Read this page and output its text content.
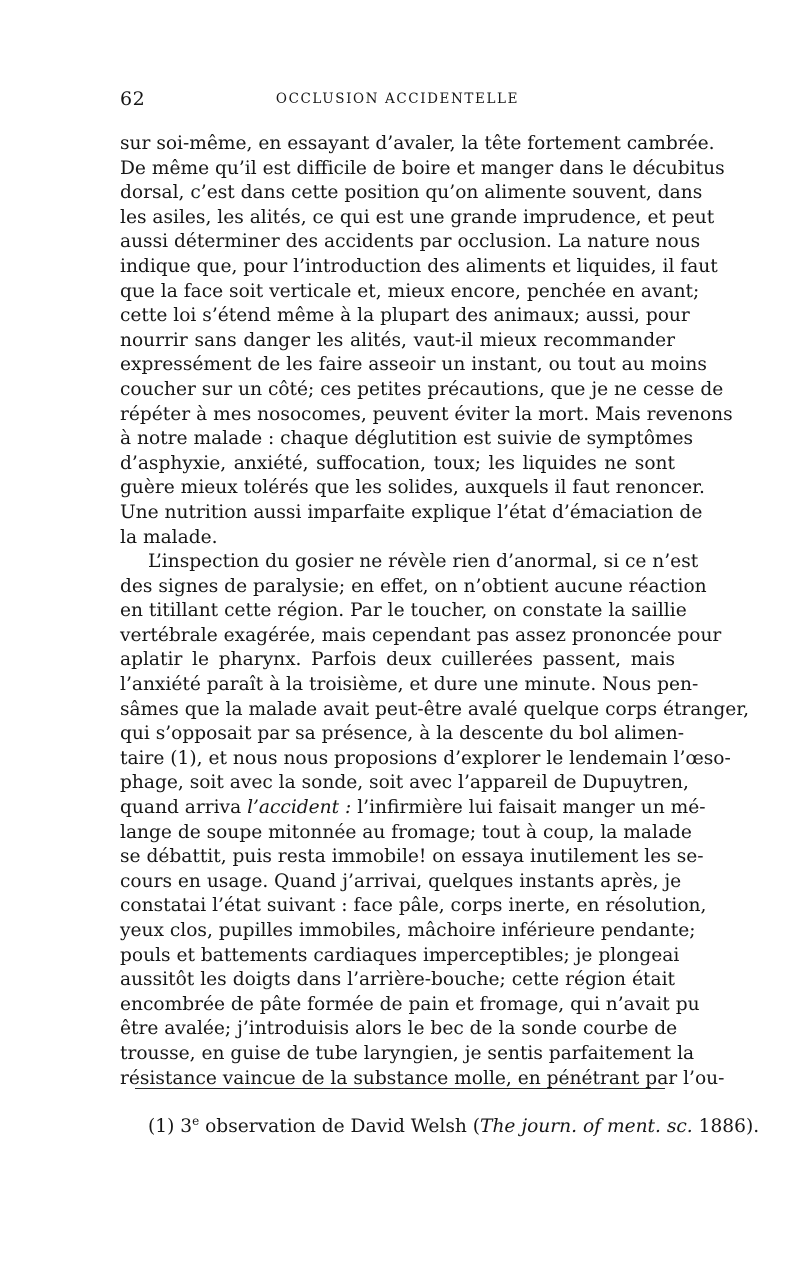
62	OCCLUSION ACCIDENTELLE
sur soi-même, en essayant d’avaler, la tête fortement cambrée.
De même qu’il est difficile de boire et manger dans le décubitus
dorsal, c’est dans cette position qu’on alimente souvent, dans
les asiles, les alités, ce qui est une grande imprudence, et peut
aussi déterminer des accidents par occlusion. La nature nous
indique que, pour l’introduction des aliments et liquides, il faut
que la face soit verticale et, mieux encore, penchée en avant;
cette loi s’étend même à la plupart des animaux; aussi, pour
nourrir sans danger les alités, vaut-il mieux recommander
expressément de les faire asseoir un instant, ou tout au moins
coucher sur un côté; ces petites précautions, que je ne cesse de
répéter à mes nosocomes, peuvent éviter la mort. Mais revenons
à notre malade : chaque déglutition est suivie de symptômes
d’asphyxie, anxiété, suffocation, toux; les liquides ne sont
guère mieux tolérés que les solides, auxquels il faut renoncer.
Une nutrition aussi imparfaite explique l’état d’émaciation de
la malade.
L’inspection du gosier ne révèle rien d’anormal, si ce n’est
des signes de paralysie; en effet, on n’obtient aucune réaction
en titillant cette région. Par le toucher, on constate la saillie
vertébrale exagérée, mais cependant pas assez prononcée pour
aplatir le pharynx. Parfois deux cuillerées passent, mais
l’anxiété paraît à la troisième, et dure une minute. Nous pen-
sâmes que la malade avait peut-être avalé quelque corps étranger,
qui s’opposait par sa présence, à la descente du bol alimen-
taire (1), et nous nous proposions d’explorer le lendemain l’œso-
phage, soit avec la sonde, soit avec l’appareil de Dupuytren,
quand arriva l’accident : l’infirmière lui faisait manger un mé-
lange de soupe mitonnée au fromage; tout à coup, la malade
se débattit, puis resta immobile! on essaya inutilement les se-
cours en usage. Quand j’arrivai, quelques instants après, je
constatai l’état suivant : face pâle, corps inerte, en résolution,
yeux clos, pupilles immobiles, mâchoire inférieure pendante;
pouls et battements cardiaques imperceptibles; je plongeai
aussitôt les doigts dans l’arrière-bouche; cette région était
encombrée de pâte formée de pain et fromage, qui n’avait pu
être avalée; j’introduisis alors le bec de la sonde courbe de
trousse, en guise de tube laryngien, je sentis parfaitement la
résistance vaincue de la substance molle, en pénétrant par l’ou-
(1) 3e observation de David Welsh (The journ. of ment. sc. 1886).
